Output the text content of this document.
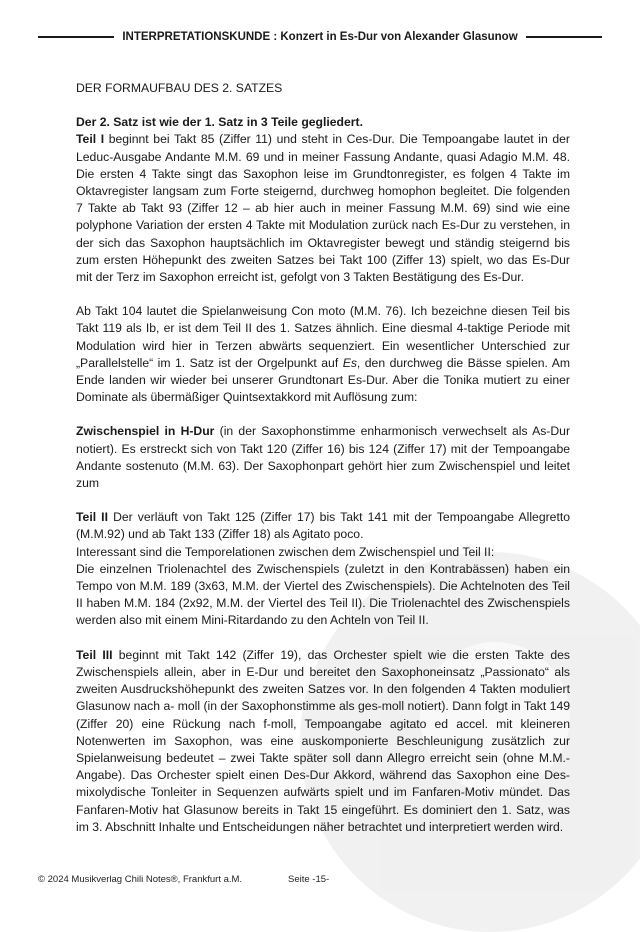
INTERPRETATIONSKUNDE : Konzert in Es-Dur von Alexander Glasunow

DER FORMAUFBAU DES 2. SATZES

Der 2. Satz ist wie der 1. Satz in 3 Teile gegliedert.

Teil I beginnt bei Takt 85 (Ziffer 11) und steht in Ces-Dur. Die Tempoangabe lautet in der Leduc-Ausgabe Andante M.M. 69 und in meiner Fassung Andante, quasi Adagio M.M. 48. Die ersten 4 Takte singt das Saxophon leise im Grundtonregister, es folgen 4 Takte im Oktavregister langsam zum Forte steigernd, durchweg homophon begleitet. Die folgenden 7 Takte ab Takt 93 (Ziffer 12 – ab hier auch in meiner Fassung M.M. 69) sind wie eine polyphone Variation der ersten 4 Takte mit Modulation zurück nach Es-Dur zu verstehen, in der sich das Saxophon hauptsächlich im Oktavregister bewegt und ständig steigernd bis zum ersten Höhepunkt des zweiten Satzes bei Takt 100 (Ziffer 13) spielt, wo das Es-Dur mit der Terz im Saxophon erreicht ist, gefolgt von 3 Takten Bestätigung des Es-Dur.

Ab Takt 104 lautet die Spielanweisung Con moto (M.M. 76). Ich bezeichne diesen Teil bis Takt 119 als Ib, er ist dem Teil II des 1. Satzes ähnlich. Eine diesmal 4-taktige Periode mit Modulation wird hier in Terzen abwärts sequenziert. Ein wesentlicher Unterschied zur „Parallelstelle“ im 1. Satz ist der Orgelpunkt auf Es, den durchweg die Bässe spielen. Am Ende landen wir wieder bei unserer Grundtonart Es-Dur. Aber die Tonika mutiert zu einer Dominate als übermäßiger Quintsextakkord mit Auflösung zum:

Zwischenspiel in H-Dur (in der Saxophonstimme enharmonisch verwechselt als As-Dur notiert). Es erstreckt sich von Takt 120 (Ziffer 16) bis 124 (Ziffer 17) mit der Tempoangabe Andante sostenuto (M.M. 63). Der Saxophonpart gehört hier zum Zwischenspiel und leitet zum

Teil II Der verläuft von Takt 125 (Ziffer 17) bis Takt 141 mit der Tempoangabe Allegretto (M.M.92) und ab Takt 133 (Ziffer 18) als Agitato poco.
Interessant sind die Temporelationen zwischen dem Zwischenspiel und Teil II:
Die einzelnen Triolenachtel des Zwischenspiels (zuletzt in den Kontrabässen) haben ein Tempo von M.M. 189 (3x63, M.M. der Viertel des Zwischenspiels). Die Achtelnoten des Teil II haben M.M. 184 (2x92, M.M. der Viertel des Teil II). Die Triolenachtel des Zwischenspiels werden also mit einem Mini-Ritardando zu den Achteln von Teil II.

Teil III beginnt mit Takt 142 (Ziffer 19), das Orchester spielt wie die ersten Takte des Zwischenspiels allein, aber in E-Dur und bereitet den Saxophoneinsatz „Passionato“ als zweiten Ausdruckshöhepunkt des zweiten Satzes vor. In den folgenden 4 Takten moduliert Glasunow nach a- moll (in der Saxophonstimme als ges-moll notiert). Dann folgt in Takt 149 (Ziffer 20) eine Rückung nach f-moll, Tempoangabe agitato ed accel. mit kleineren Notenwerten im Saxophon, was eine auskomponierte Beschleunigung zusätzlich zur Spielanweisung bedeutet – zwei Takte später soll dann Allegro erreicht sein (ohne M.M.-Angabe). Das Orchester spielt einen Des-Dur Akkord, während das Saxophon eine Des-mixolydische Tonleiter in Sequenzen aufwärts spielt und im Fanfaren-Motiv mündet. Das Fanfaren-Motiv hat Glasunow bereits in Takt 15 eingeführt. Es dominiert den 1. Satz, was im 3. Abschnitt Inhalte und Entscheidungen näher betrachtet und interpretiert werden wird.

© 2024 Musikverlag Chili Notes®, Frankfurt a.M.	Seite -15-
